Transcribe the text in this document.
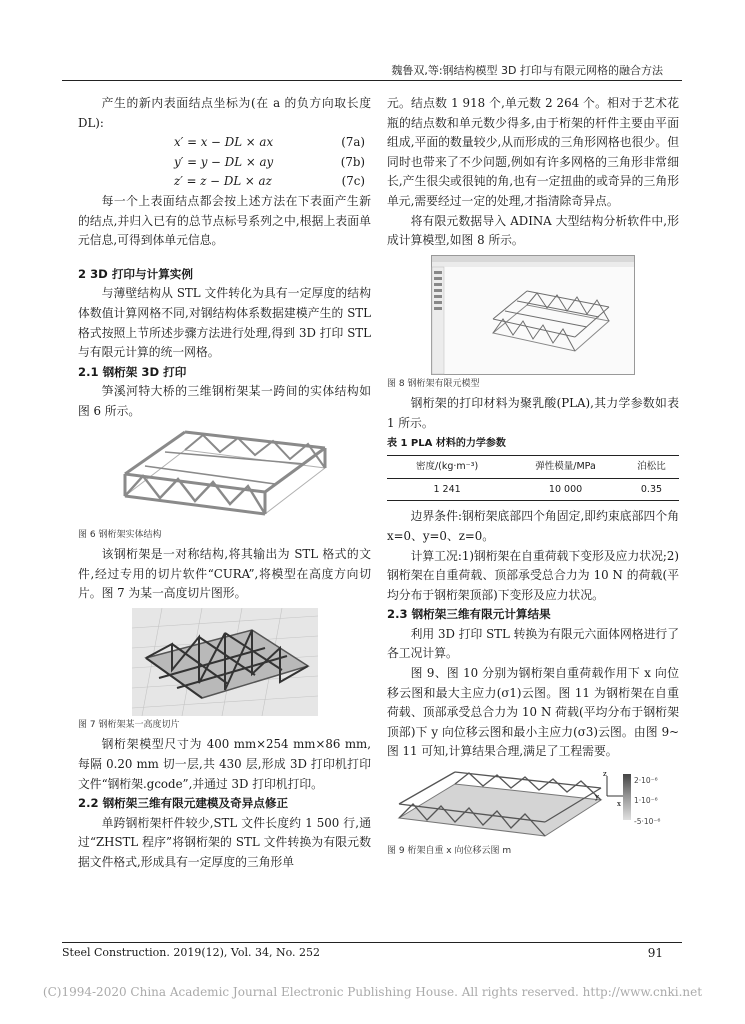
魏鲁双,等:钢结构模型 3D 打印与有限元网格的融合方法

产生的新内表面结点坐标为(在 a 的负方向取长度 DL):

x′ = x − DL × ax	(7a)

y′ = y − DL × ay	(7b)

z′ = z − DL × az	(7c)

每一个上表面结点都会按上述方法在下表面产生新的结点,并归入已有的总节点标号系列之中,根据上表面单元信息,可得到体单元信息。

2 3D 打印与计算实例

与薄壁结构从 STL 文件转化为具有一定厚度的结构体数值计算网格不同,对钢结构体系数据建模产生的 STL 格式按照上节所述步骤方法进行处理,得到 3D 打印 STL 与有限元计算的统一网格。

2.1 钢桁架 3D 打印

笋溪河特大桥的三维钢桁架某一跨间的实体结构如图 6 所示。

图 6 钢桁架实体结构

该钢桁架是一对称结构,将其输出为 STL 格式的文件,经过专用的切片软件“CURA”,将模型在高度方向切片。图 7 为某一高度切片图形。

图 7 钢桁架某一高度切片

钢桁架模型尺寸为 400 mm×254 mm×86 mm,每隔 0.20 mm 切一层,共 430 层,形成 3D 打印机打印文件“钢桁架.gcode”,并通过 3D 打印机打印。

2.2 钢桁架三维有限元建模及奇异点修正

单跨钢桁架杆件较少,STL 文件长度约 1 500 行,通过“ZHSTL 程序”将钢桁架的 STL 文件转换为有限元数据文件格式,形成具有一定厚度的三角形单

元。结点数 1 918 个,单元数 2 264 个。相对于艺术花瓶的结点数和单元数少得多,由于桁架的杆件主要由平面组成,平面的数量较少,从而形成的三角形网格也很少。但同时也带来了不少问题,例如有许多网格的三角形非常细长,产生很尖或很钝的角,也有一定扭曲的或奇异的三角形单元,需要经过一定的处理,才指清除奇异点。

将有限元数据导入 ADINA 大型结构分析软件中,形成计算模型,如图 8 所示。

图 8 钢桁架有限元模型

钢桁架的打印材料为聚乳酸(PLA),其力学参数如表 1 所示。

表 1 PLA 材料的力学参数

密度/(kg·m⁻³)	弹性模量/MPa	泊松比
1 241	10 000	0.35

边界条件:钢桁架底部四个角固定,即约束底部四个角 x=0、y=0、z=0。

计算工况:1)钢桁架在自重荷载下变形及应力状况;2)钢桁架在自重荷载、顶部承受总合力为 10 N 的荷载(平均分布于钢桁架顶部)下变形及应力状况。

2.3 钢桁架三维有限元计算结果

利用 3D 打印 STL 转换为有限元六面体网格进行了各工况计算。

图 9、图 10 分别为钢桁架自重荷载作用下 x 向位移云图和最大主应力(σ1)云图。图 11 为钢桁架在自重荷载、顶部承受总合力为 10 N 荷载(平均分布于钢桁架顶部)下 y 向位移云图和最小主应力(σ3)云图。由图 9~图 11 可知,计算结果合理,满足了工程需要。

z
y
x
2·10⁻⁶
1·10⁻⁶
-5·10⁻⁶

图 9 桁架自重 x 向位移云图 m

Steel Construction. 2019(12), Vol. 34, No. 252	91
(C)1994-2020 China Academic Journal Electronic Publishing House. All rights reserved. http://www.cnki.net
